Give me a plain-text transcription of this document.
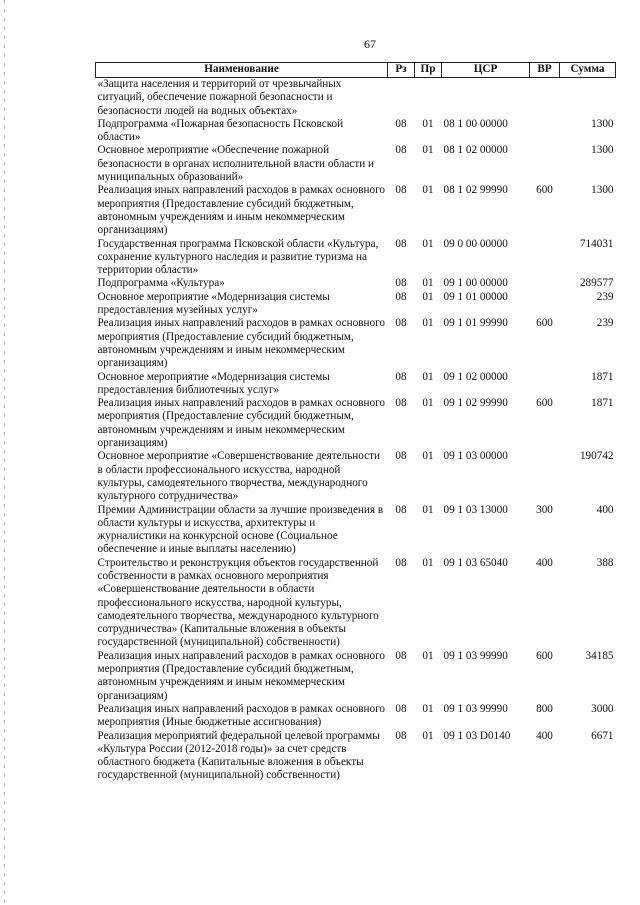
67
Наименование	Рз	Пр	ЦСР	ВР	Сумма
«Защита населения и территорий от чрезвычайных ситуаций, обеспечение пожарной безопасности и безопасности людей на водных объектах»					
Подпрограмма «Пожарная безопасность Псковской области»	08	01	08 1 00 00000		1300
Основное мероприятие «Обеспечение пожарной безопасности в органах исполнительной власти области и муниципальных образований»	08	01	08 1 02 00000		1300
Реализация иных направлений расходов в рамках основного мероприятия (Предоставление субсидий бюджетным, автономным учреждениям и иным некоммерческим организациям)	08	01	08 1 02 99990	600	1300
Государственная программа Псковской области «Культура, сохранение культурного наследия и развитие туризма на территории области»	08	01	09 0 00 00000		714031
Подпрограмма «Культура»	08	01	09 1 00 00000		289577
Основное мероприятие «Модернизация системы предоставления музейных услуг»	08	01	09 1 01 00000		239
Реализация иных направлений расходов в рамках основного мероприятия (Предоставление субсидий бюджетным, автономным учреждениям и иным некоммерческим организациям)	08	01	09 1 01 99990	600	239
Основное мероприятие «Модернизация системы предоставления библиотечных услуг»	08	01	09 1 02 00000		1871
Реализация иных направлений расходов в рамках основного мероприятия (Предоставление субсидий бюджетным, автономным учреждениям и иным некоммерческим организациям)	08	01	09 1 02 99990	600	1871
Основное мероприятие «Совершенствование деятельности в области профессионального искусства, народной культуры, самодеятельного творчества, международного культурного сотрудничества»	08	01	09 1 03 00000		190742
Премии Администрации области за лучшие произведения в области культуры и искусства, архитектуры и журналистики на конкурсной основе (Социальное обеспечение и иные выплаты населению)	08	01	09 1 03 13000	300	400
Строительство и реконструкция объектов государственной собственности в рамках основного мероприятия «Совершенствование деятельности в области профессионального искусства, народной культуры, самодеятельного творчества, международного культурного сотрудничества» (Капитальные вложения в объекты государственной (муниципальной) собственности)	08	01	09 1 03 65040	400	388
Реализация иных направлений расходов в рамках основного мероприятия (Предоставление субсидий бюджетным, автономным учреждениям и иным некоммерческим организациям)	08	01	09 1 03 99990	600	34185
Реализация иных направлений расходов в рамках основного мероприятия (Иные бюджетные ассигнования)	08	01	09 1 03 99990	800	3000
Реализация мероприятий федеральной целевой программы «Культура России (2012-2018 годы)» за счет средств областного бюджета (Капитальные вложения в объекты государственной (муниципальной) собственности)	08	01	09 1 03 D0140	400	6671
